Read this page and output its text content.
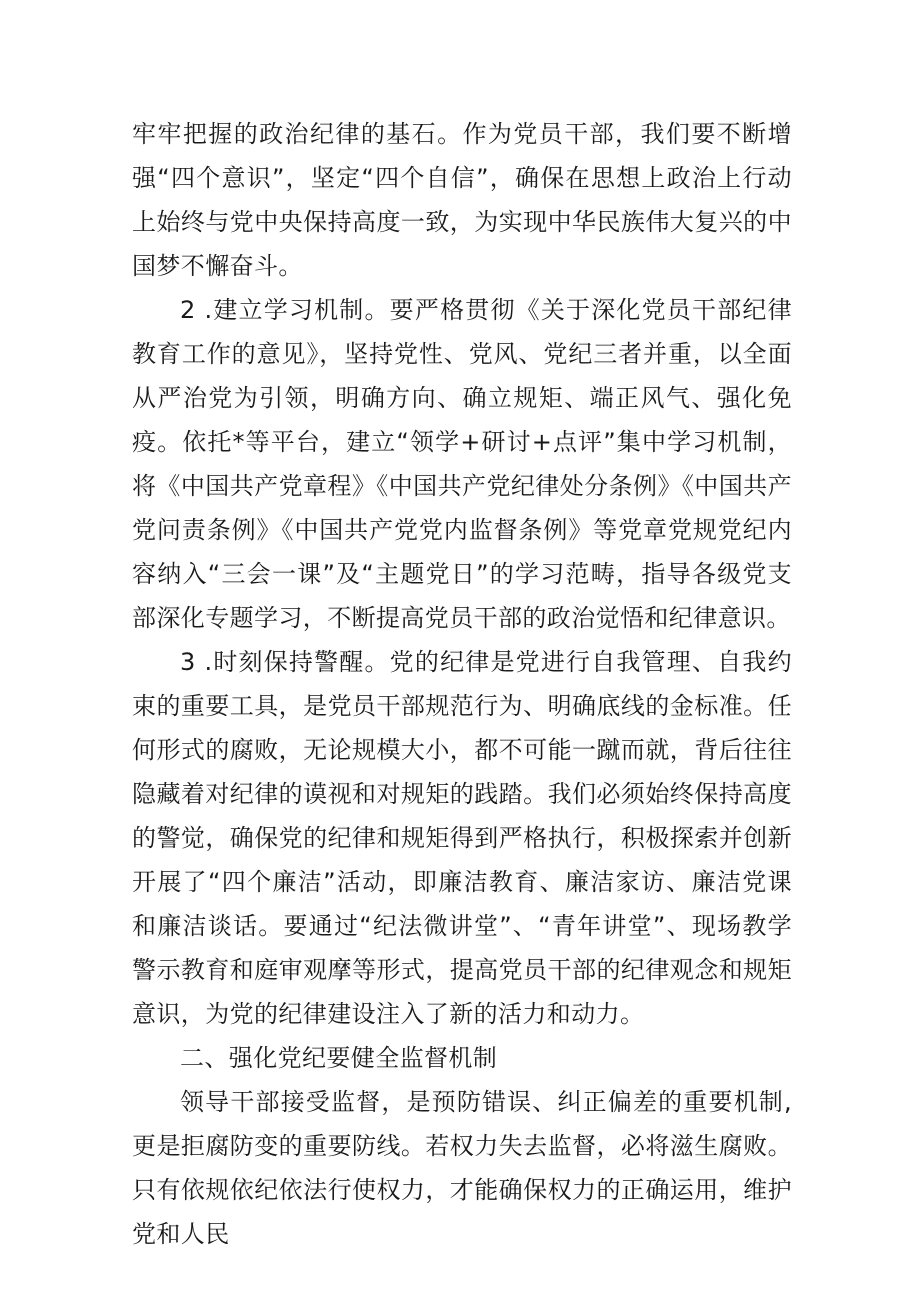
牢牢把握的政治纪律的基石。作为党员干部，我们要不断增强“四个意识”，坚定“四个自信”，确保在思想上政治上行动上始终与党中央保持高度一致，为实现中华民族伟大复兴的中国梦不懈奋斗。

2 .建立学习机制。要严格贯彻《关于深化党员干部纪律教育工作的意见》，坚持党性、党风、党纪三者并重，以全面从严治党为引领，明确方向、确立规矩、端正风气、强化免疫。依托*等平台，建立“领学+研讨+点评”集中学习机制，将《中国共产党章程》《中国共产党纪律处分条例》《中国共产党问责条例》《中国共产党党内监督条例》等党章党规党纪内容纳入“三会一课”及“主题党日”的学习范畴，指导各级党支部深化专题学习，不断提高党员干部的政治觉悟和纪律意识。

3 .时刻保持警醒。党的纪律是党进行自我管理、自我约束的重要工具，是党员干部规范行为、明确底线的金标准。任何形式的腐败，无论规模大小，都不可能一蹴而就，背后往往隐藏着对纪律的谟视和对规矩的践踏。我们必须始终保持高度的警觉，确保党的纪律和规矩得到严格执行，积极探索并创新开展了“四个廉洁”活动，即廉洁教育、廉洁家访、廉洁党课和廉洁谈话。要通过“纪法微讲堂”、“青年讲堂”、现场教学警示教育和庭审观摩等形式，提高党员干部的纪律观念和规矩意识，为党的纪律建设注入了新的活力和动力。

二、强化党纪要健全监督机制

领导干部接受监督，是预防错误、纠正偏差的重要机制,更是拒腐防变的重要防线。若权力失去监督，必将滋生腐败。只有依规依纪依法行使权力，才能确保权力的正确运用，维护党和人民
